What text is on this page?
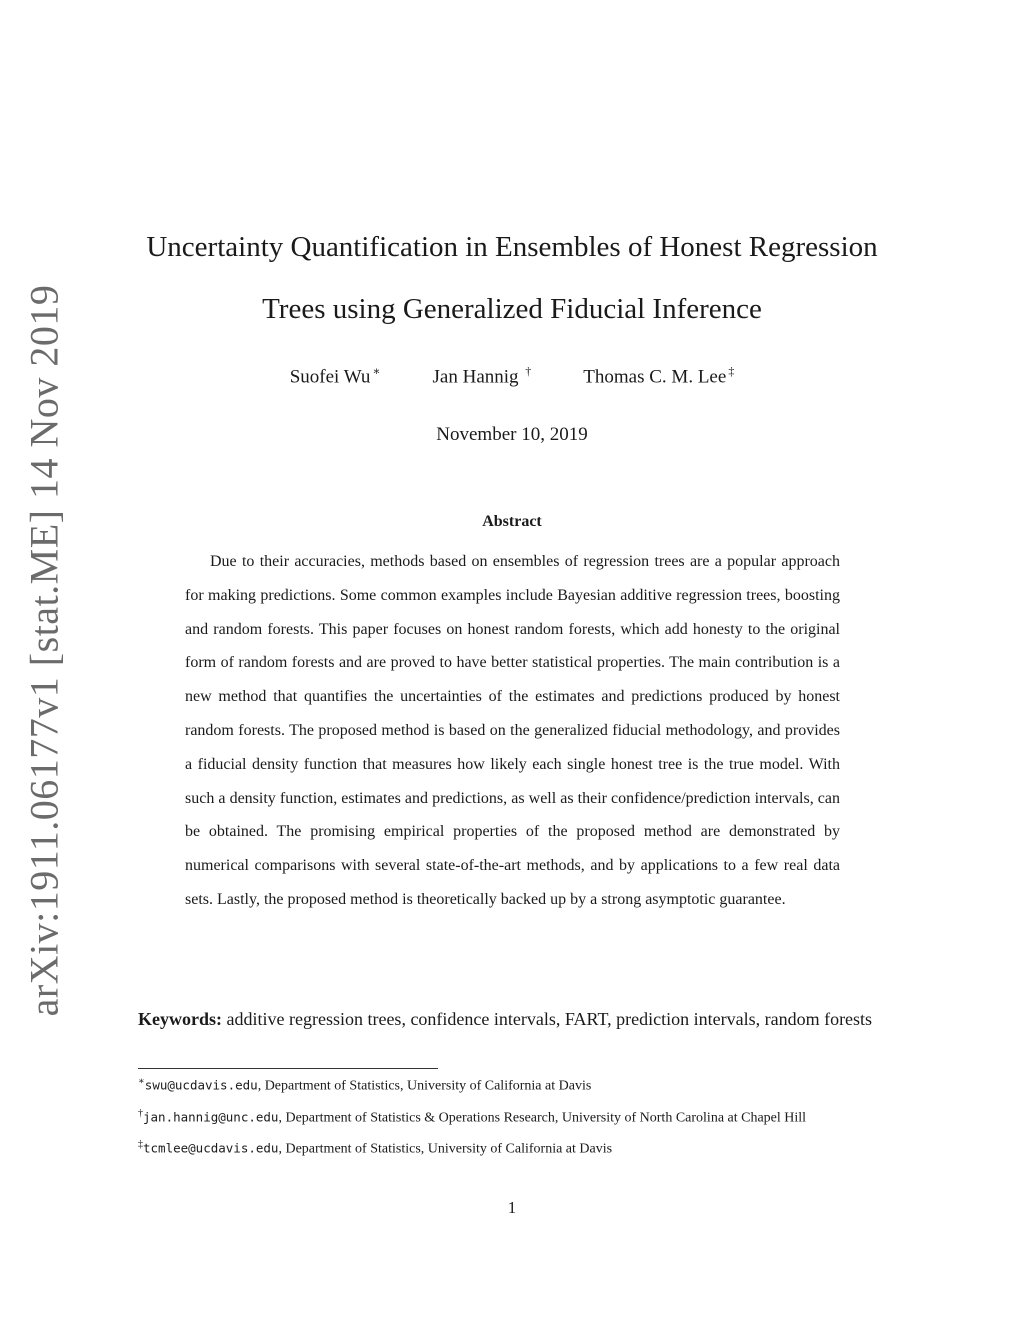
arXiv:1911.06177v1 [stat.ME] 14 Nov 2019
Uncertainty Quantification in Ensembles of Honest Regression
Trees using Generalized Fiducial Inference
Suofei Wu ∗	Jan Hannig †	Thomas C. M. Lee ‡
November 10, 2019
Abstract

Due to their accuracies, methods based on ensembles of regression trees are a popular approach for making predictions. Some common examples include Bayesian additive regression trees, boosting and random forests. This paper focuses on honest random forests, which add honesty to the original form of random forests and are proved to have better statistical properties. The main contribution is a new method that quantifies the uncertainties of the estimates and predictions produced by honest random forests. The proposed method is based on the generalized fiducial methodology, and provides a fiducial density function that measures how likely each single honest tree is the true model. With such a density function, estimates and predictions, as well as their confidence/prediction intervals, can be obtained. The promising empirical properties of the proposed method are demonstrated by numerical comparisons with several state-of-the-art methods, and by applications to a few real data sets. Lastly, the proposed method is theoretically backed up by a strong asymptotic guarantee.

Keywords: additive regression trees, confidence intervals, FART, prediction intervals, random forests

∗swu@ucdavis.edu, Department of Statistics, University of California at Davis

†jan.hannig@unc.edu, Department of Statistics & Operations Research, University of North Carolina at Chapel Hill

‡tcmlee@ucdavis.edu, Department of Statistics, University of California at Davis

1
